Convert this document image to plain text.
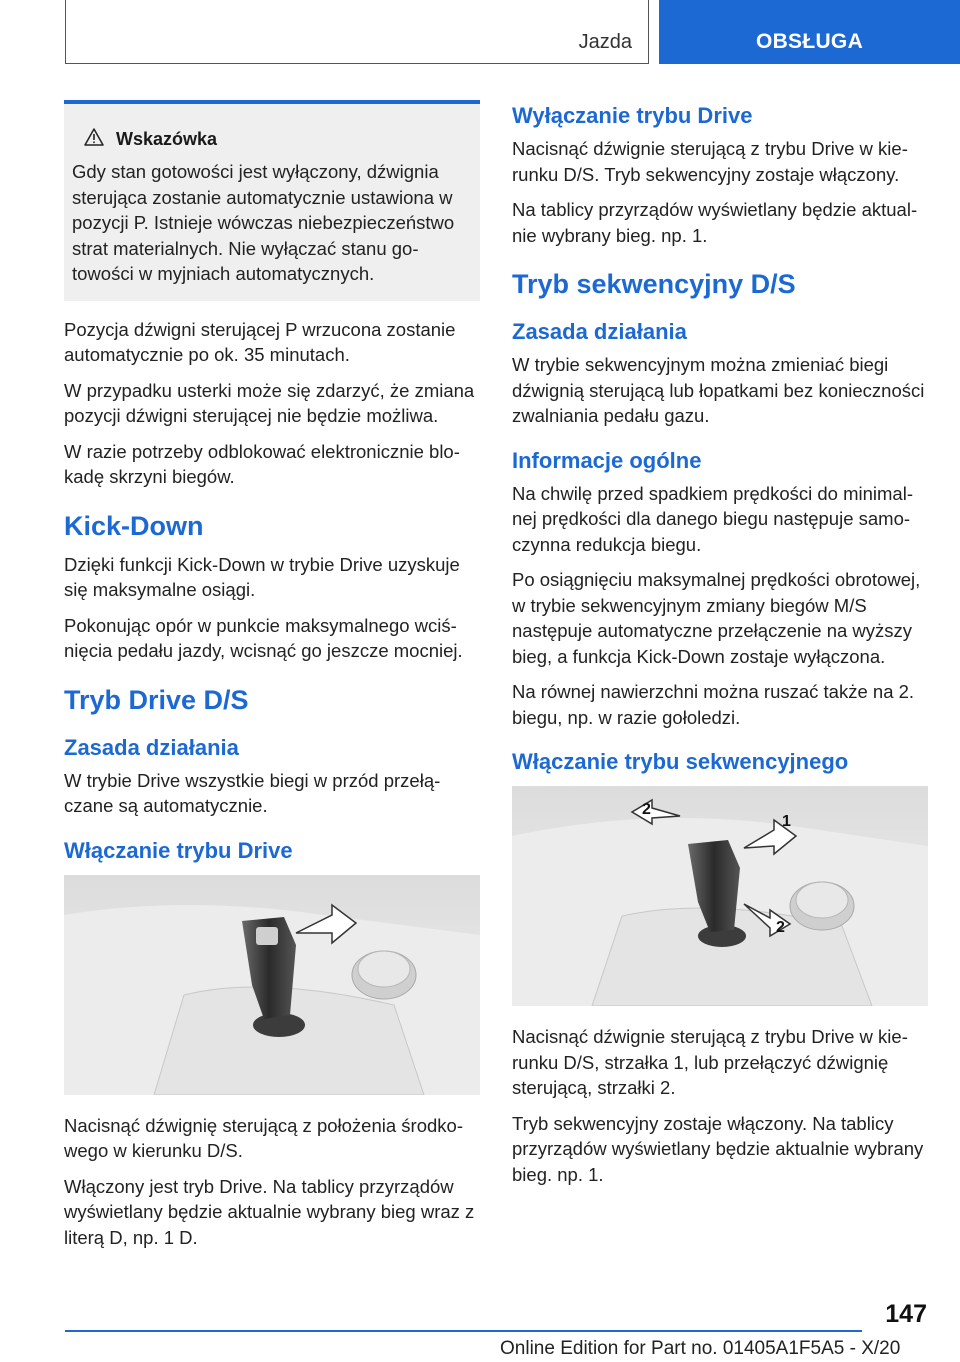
Jazda	OBSŁUGA
Wskazówka

Gdy stan gotowości jest wyłączony, dźwignia sterująca zostanie automatycznie ustawiona w pozycji P. Istnieje wówczas niebezpieczeństwo strat materialnych. Nie wyłączać stanu gotowości w myjniach automatycznych.

Pozycja dźwigni sterującej P wrzucona zostanie automatycznie po ok. 35 minutach.

W przypadku usterki może się zdarzyć, że zmiana pozycji dźwigni sterującej nie będzie możliwa.

W razie potrzeby odblokować elektronicznie blokadę skrzyni biegów.

Kick-Down

Dzięki funkcji Kick-Down w trybie Drive uzyskuje się maksymalne osiągi.

Pokonując opór w punkcie maksymalnego wciśnięcia pedału jazdy, wcisnąć go jeszcze mocniej.

Tryb Drive D/S
Zasada działania

W trybie Drive wszystkie biegi w przód przełączane są automatycznie.

Włączanie trybu Drive

Nacisnąć dźwignię sterującą z położenia środkowego w kierunku D/S.

Włączony jest tryb Drive. Na tablicy przyrządów wyświetlany będzie aktualnie wybrany bieg wraz z literą D, np. 1 D.

Wyłączanie trybu Drive

Nacisnąć dźwignie sterującą z trybu Drive w kierunku D/S. Tryb sekwencyjny zostaje włączony.

Na tablicy przyrządów wyświetlany będzie aktualnie wybrany bieg. np. 1.

Tryb sekwencyjny D/S
Zasada działania

W trybie sekwencyjnym można zmieniać biegi dźwignią sterującą lub łopatkami bez konieczności zwalniania pedału gazu.

Informacje ogólne

Na chwilę przed spadkiem prędkości do minimalnej prędkości dla danego biegu następuje samoczynna redukcja biegu.

Po osiągnięciu maksymalnej prędkości obrotowej, w trybie sekwencyjnym zmiany biegów M/S następuje automatyczne przełączenie na wyższy bieg, a funkcja Kick-Down zostaje wyłączona.

Na równej nawierzchni można ruszać także na 2. biegu, np. w razie gołoledzi.

Włączanie trybu sekwencyjnego
1
2
2

Nacisnąć dźwignie sterującą z trybu Drive w kierunku D/S, strzałka 1, lub przełączyć dźwignię sterującą, strzałki 2.

Tryb sekwencyjny zostaje włączony. Na tablicy przyrządów wyświetlany będzie aktualnie wybrany bieg. np. 1.

147
Online Edition for Part no. 01405A1F5A5 - X/20
